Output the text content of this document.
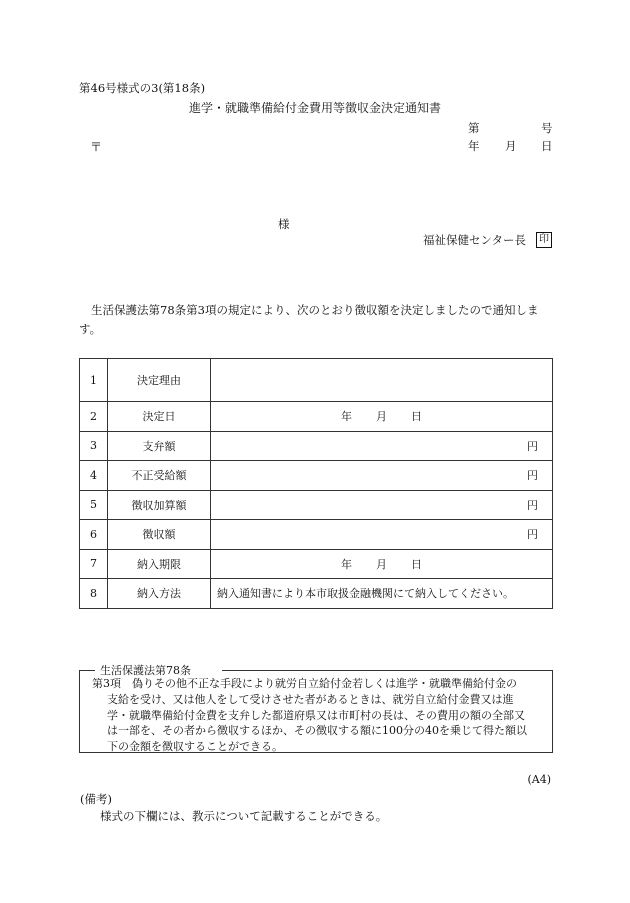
第46号様式の3(第18条)
進学・就職準備給付金費用等徴収金決定通知書
第	号
〒	年 月 日
様
福祉保健センター長	印
生活保護法第78条第3項の規定により、次のとおり徴収額を決定しましたので通知します。
1	決定理由	
2	決定日	年 月 日
3	支弁額	円
4	不正受給額	円
5	徴収加算額	円
6	徴収額	円
7	納入期限	年 月 日
8	納入方法	納入通知書により本市取扱金融機関にて納入してください。
生活保護法第78条
第3項　偽りその他不正な手段により就労自立給付金若しくは進学・就職準備給付金の
支給を受け、又は他人をして受けさせた者があるときは、就労自立給付金費又は進
学・就職準備給付金費を支弁した都道府県又は市町村の長は、その費用の額の全部又
は一部を、その者から徴収するほか、その徴収する額に100分の40を乗じて得た額以
下の金額を徴収することができる。
(A4)
(備考)
様式の下欄には、教示について記載することができる。
